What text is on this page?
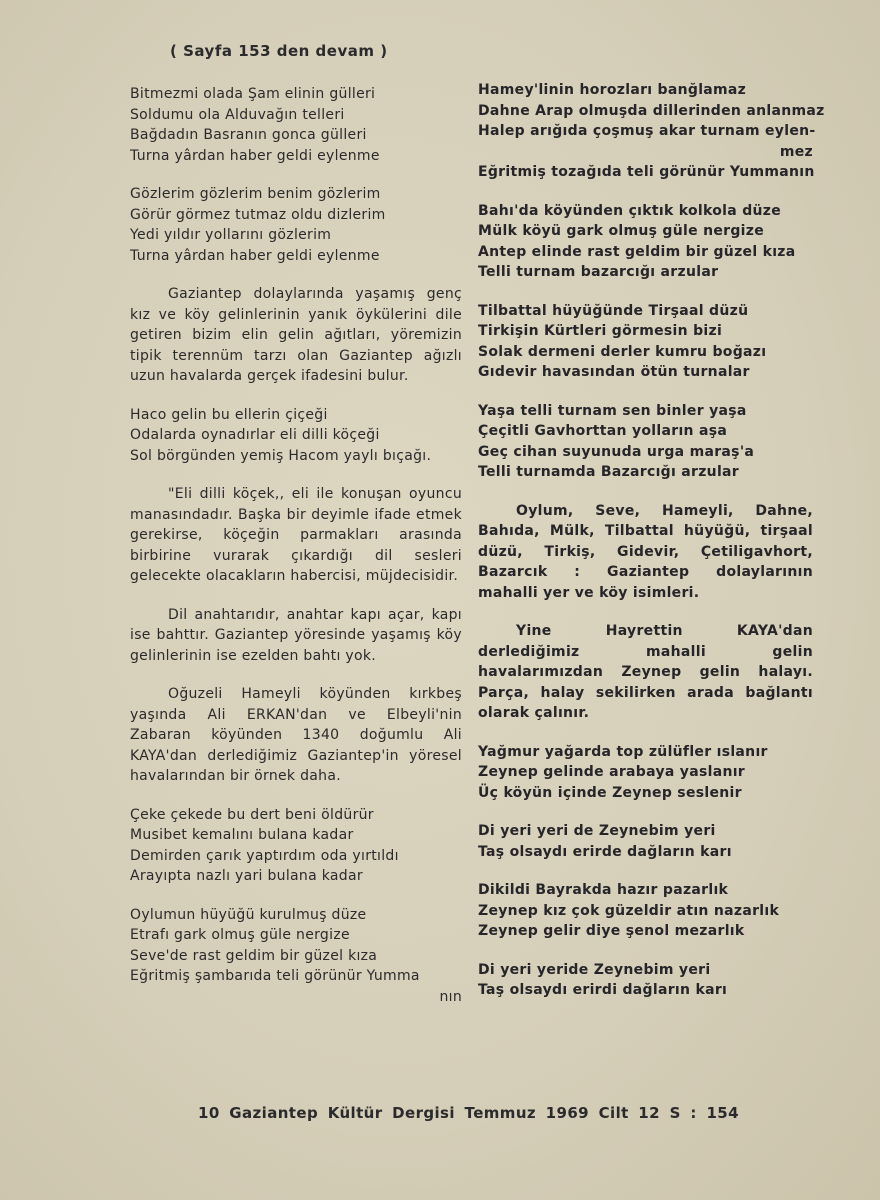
( Sayfa 153 den devam )

Bitmezmi olada Şam elinin gülleri

Soldumu ola Alduvağın telleri

Bağdadın Basranın gonca gülleri

Turna yârdan haber geldi eylenme

Gözlerim gözlerim benim gözlerim

Görür görmez tutmaz oldu dizlerim

Yedi yıldır yollarını gözlerim

Turna yârdan haber geldi eylenme

Gaziantep dolaylarında yaşamış genç kız ve köy gelinlerinin yanık öykülerini dile getiren bizim elin gelin ağıtları, yöremizin tipik terennüm tarzı olan Gaziantep ağızlı uzun havalarda gerçek ifadesini bulur.

Haco gelin bu ellerin çiçeği

Odalarda oynadırlar eli dilli köçeği

Sol börgünden yemiş Hacom yaylı bıçağı.

"Eli dilli köçek,, eli ile konuşan oyuncu manasındadır. Başka bir deyimle ifade etmek gerekirse, köçeğin parmakları arasında birbirine vurarak çıkardığı dil sesleri gelecekte olacakların habercisi, müjdecisidir.

Dil anahtarıdır, anahtar kapı açar, kapı ise bahttır. Gaziantep yöresinde yaşamış köy gelinlerinin ise ezelden bahtı yok.

Oğuzeli Hameyli köyünden kırkbeş yaşında Ali ERKAN'dan ve Elbeyli'nin Zabaran köyünden 1340 doğumlu Ali KAYA'dan derlediğimiz Gaziantep'in yöresel havalarından bir örnek daha.

Çeke çekede bu dert beni öldürür

Musibet kemalını bulana kadar

Demirden çarık yaptırdım oda yırtıldı

Arayıpta nazlı yari bulana kadar

Oylumun hüyüğü kurulmuş düze

Etrafı gark olmuş güle nergize

Seve'de rast geldim bir güzel kıza

Eğritmiş şambarıda teli görünür Yumma

nın

Hamey'linin horozları banğlamaz

Dahne Arap olmuşda dillerinden anlanmaz

Halep arığıda çoşmuş akar turnam eylen-

mez

Eğritmiş tozağıda teli görünür Yummanın

Bahı'da köyünden çıktık kolkola düze

Mülk köyü gark olmuş güle nergize

Antep elinde rast geldim bir güzel kıza

Telli turnam bazarcığı arzular

Tilbattal hüyüğünde Tirşaal düzü

Tirkişin Kürtleri görmesin bizi

Solak dermeni derler kumru boğazı

Gıdevir havasından ötün turnalar

Yaşa telli turnam sen binler yaşa

Çeçitli Gavhorttan yolların aşa

Geç cihan suyunuda urga maraş'a

Telli turnamda Bazarcığı arzular

Oylum, Seve, Hameyli, Dahne, Bahıda, Mülk, Tilbattal hüyüğü, tirşaal düzü, Tirkiş, Gidevir, Çetiligavhort, Bazarcık : Gaziantep dolaylarının mahalli yer ve köy isimleri.

Yine Hayrettin KAYA'dan derlediğimiz mahalli gelin havalarımızdan Zeynep gelin halayı. Parça, halay sekilirken arada bağlantı olarak çalınır.

Yağmur yağarda top zülüfler ıslanır

Zeynep gelinde arabaya yaslanır

Üç köyün içinde Zeynep seslenir

Di yeri yeri de Zeynebim yeri

Taş olsaydı erirde dağların karı

Dikildi Bayrakda hazır pazarlık

Zeynep kız çok güzeldir atın nazarlık

Zeynep gelir diye şenol mezarlık

Di yeri yeride Zeynebim yeri

Taş olsaydı erirdi dağların karı

10 Gaziantep Kültür Dergisi Temmuz 1969 Cilt 12 S : 154
